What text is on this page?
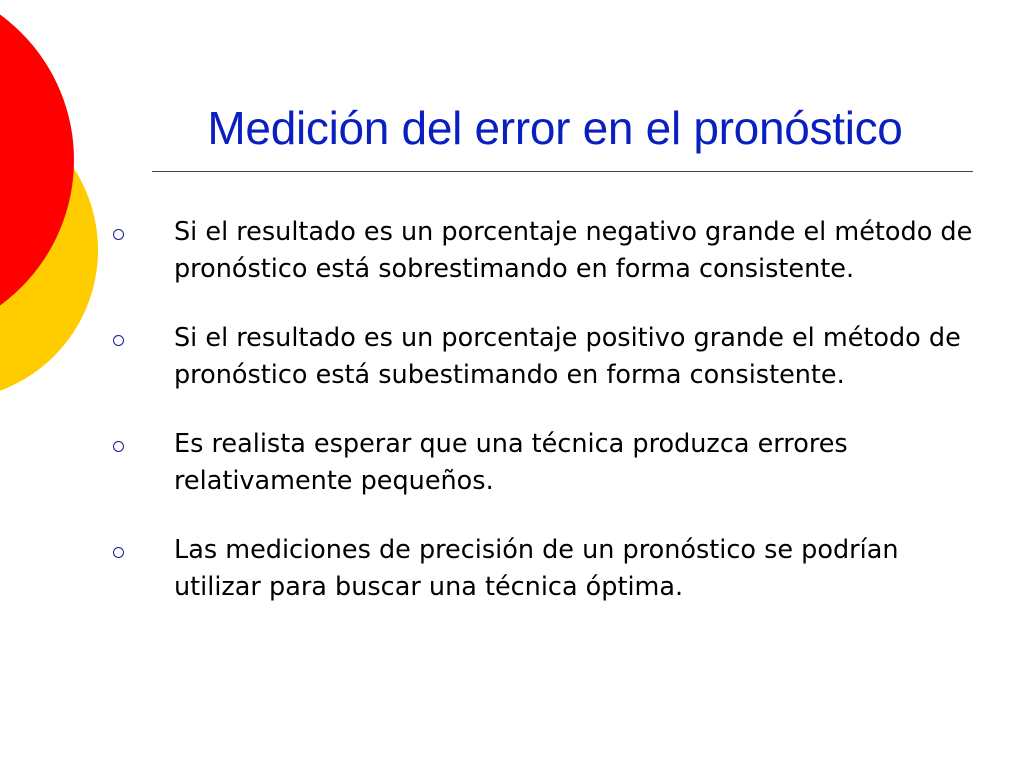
Medición del error en el pronóstico
Si el resultado es un porcentaje negativo grande el método de pronóstico está sobrestimando en forma consistente.
Si el resultado es un porcentaje positivo grande el método de pronóstico está subestimando en forma consistente.
Es realista esperar que una técnica produzca errores relativamente pequeños.
Las mediciones de precisión de un pronóstico se podrían utilizar para buscar una técnica óptima.
